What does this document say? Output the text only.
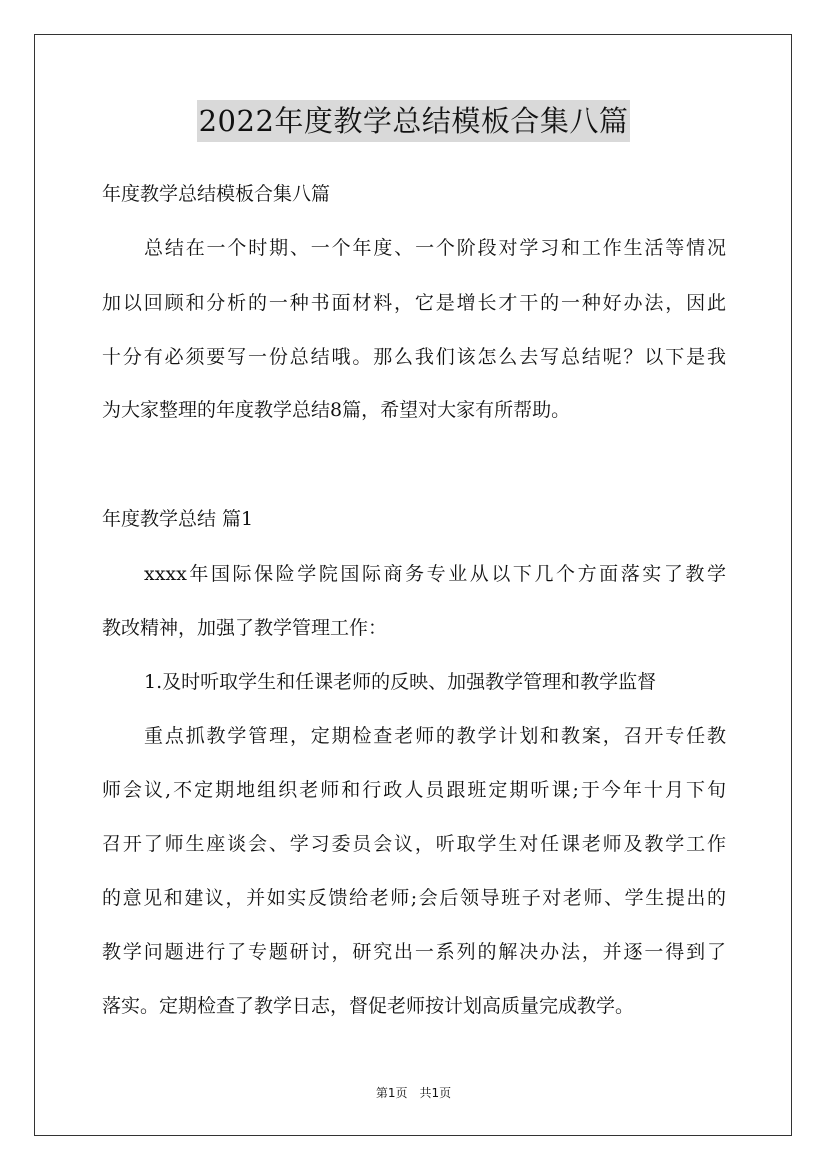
2022年度教学总结模板合集八篇
年度教学总结模板合集八篇
总结在一个时期、一个年度、一个阶段对学习和工作生活等情况
加以回顾和分析的一种书面材料，它是增长才干的一种好办法，因此
十分有必须要写一份总结哦。那么我们该怎么去写总结呢？以下是我
为大家整理的年度教学总结8篇，希望对大家有所帮助。
年度教学总结 篇1
xxxx年国际保险学院国际商务专业从以下几个方面落实了教学
教改精神，加强了教学管理工作：
1.及时听取学生和任课老师的反映、加强教学管理和教学监督
重点抓教学管理，定期检查老师的教学计划和教案，召开专任教
师会议,不定期地组织老师和行政人员跟班定期听课;于今年十月下旬
召开了师生座谈会、学习委员会议，听取学生对任课老师及教学工作
的意见和建议，并如实反馈给老师;会后领导班子对老师、学生提出的
教学问题进行了专题研讨，研究出一系列的解决办法，并逐一得到了
落实。定期检查了教学日志，督促老师按计划高质量完成教学。
第1页　共1页
